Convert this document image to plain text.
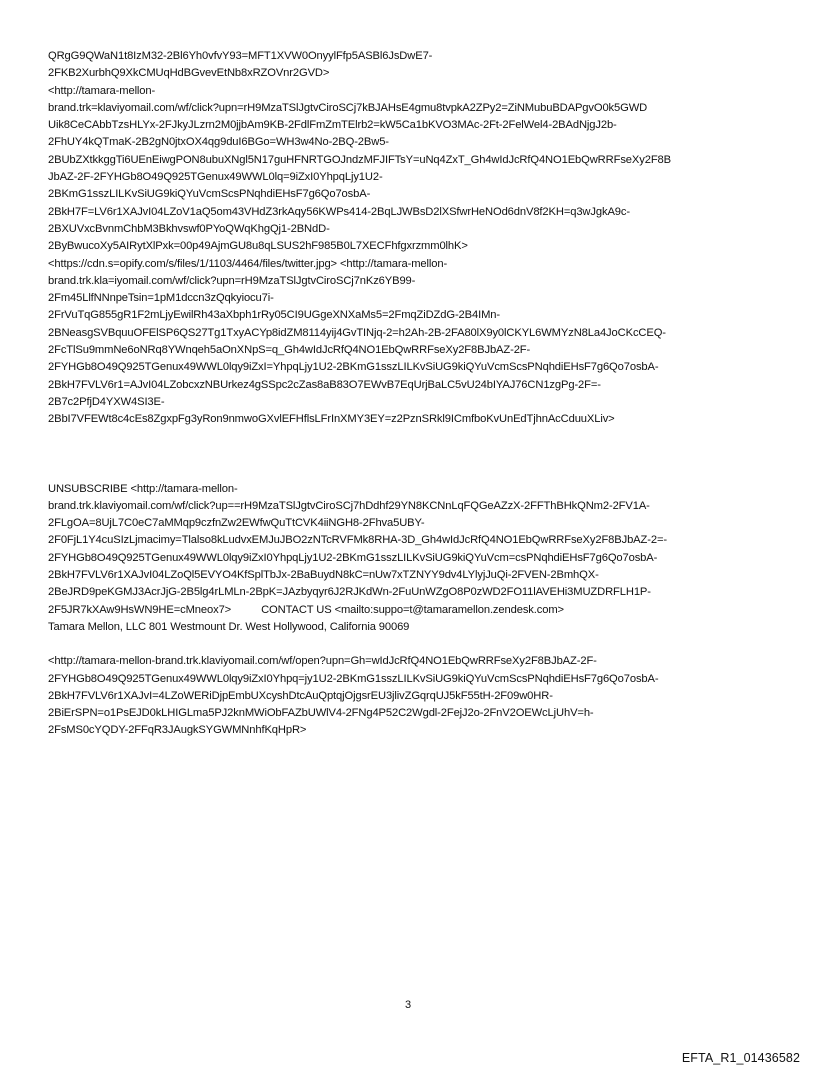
QRgG9QWaN1t8IzM32-2Bl6Yh0vfvY93=MFT1XVW0OnyylFfp5ASBl6JsDwE7-
2FKB2XurbhQ9XkCMUqHdBGvevEtNb8xRZOVnr2GVD>
<http://tamara-mellon-
brand.trk=klaviyomail.com/wf/click?upn=rH9MzaTSlJgtvCiroSCj7kBJAHsE4gmu8tvpkA2ZPy2=ZiNMubuBDAPgvO0k5GWD
Uik8CeCAbbTzsHLYx-2FJkyJLzrn2M0jjbAm9KB-2FdlFmZmTElrb2=kW5Ca1bKVO3MAc-2Ft-2FelWel4-2BAdNjgJ2b-
2FhUY4kQTmaK-2B2gN0jtxOX4qg9duI6BGo=WH3w4No-2BQ-2Bw5-
2BUbZXtkkggTi6UEnEiwgPON8ubuXNgl5N17guHFNRTGOJndzMFJIFTsY=uNq4ZxT_Gh4wIdJcRfQ4NO1EbQwRRFseXy2F8B
JbAZ-2F-2FYHGb8O49Q925TGenux49WWL0lq=9iZxI0YhpqLjy1U2-
2BKmG1sszLILKvSiUG9kiQYuVcmScsPNqhdiEHsF7g6Qo7osbA-
2BkH7F=LV6r1XAJvI04LZoV1aQ5om43VHdZ3rkAqy56KWPs414-2BqLJWBsD2lXSfwrHeNOd6dnV8f2KH=q3wJgkA9c-
2BXUVxcBvnmChbM3Bkhvswf0PYoQWqKhgQj1-2BNdD-
2ByBwucoXy5AIRytXlPxk=00p49AjmGU8u8qLSUS2hF985B0L7XECFhfgxrzmm0lhK>
<https://cdn.s=opify.com/s/files/1/1103/4464/files/twitter.jpg> <http://tamara-mellon-
brand.trk.kla=iyomail.com/wf/click?upn=rH9MzaTSlJgtvCiroSCj7nKz6YB99-
2Fm45LlfNNnpeTsin=1pM1dccn3zQqkyiocu7i-
2FrVuTqG855gR1F2mLjyEwilRh43aXbph1rRy05CI9UGgeXNXaMs5=2FmqZiDZdG-2B4IMn-
2BNeasgSVBquuOFElSP6QS27Tg1TxyACYp8idZM8114yij4GvTINjq-2=h2Ah-2B-2FA80lX9y0lCKYL6WMYzN8La4JoCKcCEQ-
2FcTlSu9mmNe6oNRq8YWnqeh5aOnXNpS=q_Gh4wIdJcRfQ4NO1EbQwRRFseXy2F8BJbAZ-2F-
2FYHGb8O49Q925TGenux49WWL0lqy9iZxI=YhpqLjy1U2-2BKmG1sszLILKvSiUG9kiQYuVcmScsPNqhdiEHsF7g6Qo7osbA-
2BkH7FVLV6r1=AJvI04LZobcxzNBUrkez4gSSpc2cZas8aB83O7EWvB7EqUrjBaLC5vU24bIYAJ76CN1zgPg-2F=-
2B7c2PfjD4YXW4SI3E-
2BbI7VFEWt8c4cEs8ZgxpFg3yRon9nmwoGXvlEFHflsLFrInXMY3EY=z2PznSRkl9ICmfboKvUnEdTjhnAcCduuXLiv>
UNSUBSCRIBE <http://tamara-mellon-
brand.trk.klaviyomail.com/wf/click?up==rH9MzaTSlJgtvCiroSCj7hDdhf29YN8KCNnLqFQGeAZzX-2FFThBHkQNm2-2FV1A-
2FLgOA=8UjL7C0eC7aMMqp9czfnZw2EWfwQuTtCVK4iiNGH8-2Fhva5UBY-
2F0FjL1Y4cuSIzLjmacimy=Tlalso8kLudvxEMJuJBO2zNTcRVFMk8RHA-3D_Gh4wIdJcRfQ4NO1EbQwRRFseXy2F8BJbAZ-2=-
2FYHGb8O49Q925TGenux49WWL0lqy9iZxI0YhpqLjy1U2-2BKmG1sszLILKvSiUG9kiQYuVcm=csPNqhdiEHsF7g6Qo7osbA-
2BkH7FVLV6r1XAJvI04LZoQl5EVYO4KfSplTbJx-2BaBuydN8kC=nUw7xTZNYY9dv4LYlyjJuQi-2FVEN-2BmhQX-
2BeJRD9peKGMJ3AcrJjG-2B5lg4rLMLn-2BpK=JAzbyqyr6J2RJKdWn-2FuUnWZgO8P0zWD2FO11lAVEHi3MUZDRFLH1P-
2F5JR7kXAw9HsWN9HE=cMneox7>	CONTACT US <mailto:suppo=t@tamaramellon.zendesk.com>
Tamara Mellon, LLC 801 Westmount Dr. West Hollywood, California 90069
<http://tamara-mellon-brand.trk.klaviyomail.com/wf/open?upn=Gh=wIdJcRfQ4NO1EbQwRRFseXy2F8BJbAZ-2F-
2FYHGb8O49Q925TGenux49WWL0lqy9iZxI0Yhpq=jy1U2-2BKmG1sszLILKvSiUG9kiQYuVcmScsPNqhdiEHsF7g6Qo7osbA-
2BkH7FVLV6r1XAJvI=4LZoWERiDjpEmbUXcyshDtcAuQptqjOjgsrEU3jlivZGqrqUJ5kF55tH-2F09w0HR-
2BiErSPN=o1PsEJD0kLHIGLma5PJ2knMWiObFAZbUWlV4-2FNg4P52C2Wgdl-2FejJ2o-2FnV2OEWcLjUhV=h-
2FsMS0cYQDY-2FFqR3JAugkSYGWMNnhfKqHpR>
3
EFTA_R1_01436582
